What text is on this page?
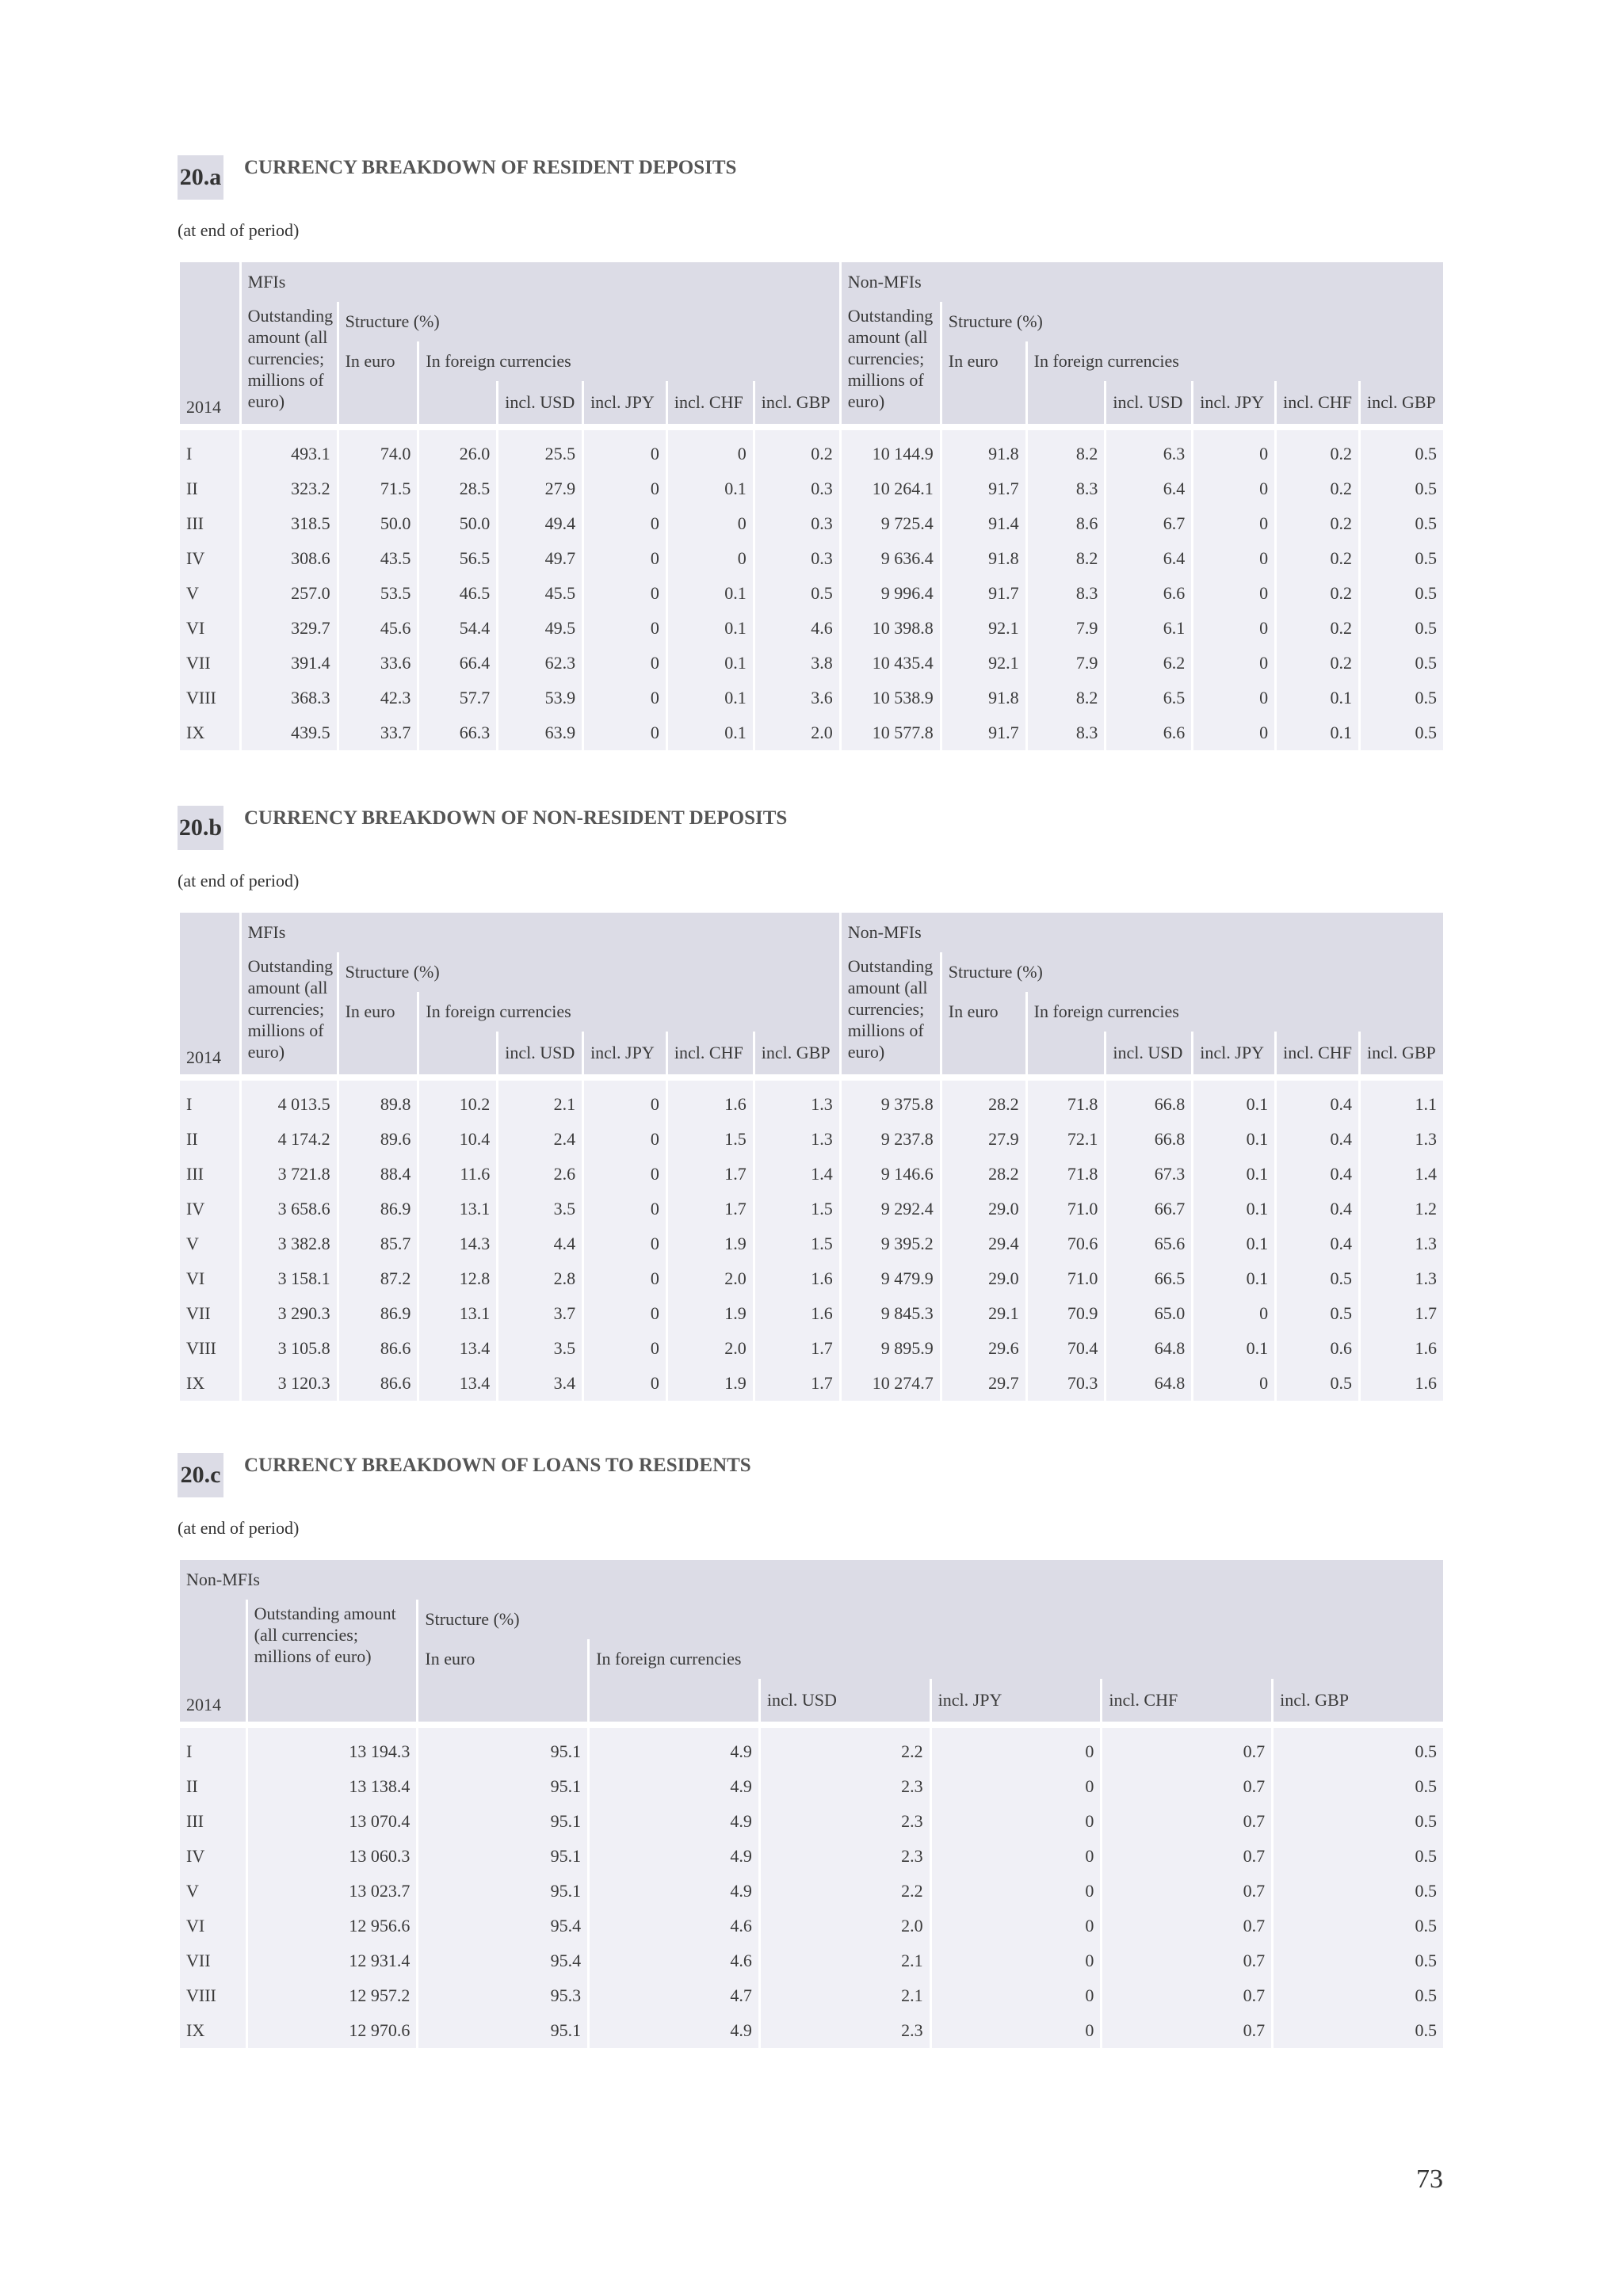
20.a CURRENCY BREAKDOWN OF RESIDENT DEPOSITS
(at end of period)
2014	MFIs							Non-MFIs						
	Outstanding amount (all currencies; millions of euro)	Structure (%)						Outstanding amount (all currencies; millions of euro)	Structure (%)					
		In euro	In foreign currencies						In euro	In foreign currencies				
				incl. USD	incl. JPY	incl. CHF	incl. GBP				incl. USD	incl. JPY	incl. CHF	incl. GBP

I	493.1	74.0	26.0	25.5	0	0	0.2	10 144.9	91.8	8.2	6.3	0	0.2	0.5
II	323.2	71.5	28.5	27.9	0	0.1	0.3	10 264.1	91.7	8.3	6.4	0	0.2	0.5
III	318.5	50.0	50.0	49.4	0	0	0.3	9 725.4	91.4	8.6	6.7	0	0.2	0.5
IV	308.6	43.5	56.5	49.7	0	0	0.3	9 636.4	91.8	8.2	6.4	0	0.2	0.5
V	257.0	53.5	46.5	45.5	0	0.1	0.5	9 996.4	91.7	8.3	6.6	0	0.2	0.5
VI	329.7	45.6	54.4	49.5	0	0.1	4.6	10 398.8	92.1	7.9	6.1	0	0.2	0.5
VII	391.4	33.6	66.4	62.3	0	0.1	3.8	10 435.4	92.1	7.9	6.2	0	0.2	0.5
VIII	368.3	42.3	57.7	53.9	0	0.1	3.6	10 538.9	91.8	8.2	6.5	0	0.1	0.5
IX	439.5	33.7	66.3	63.9	0	0.1	2.0	10 577.8	91.7	8.3	6.6	0	0.1	0.5
20.b CURRENCY BREAKDOWN OF NON-RESIDENT DEPOSITS
(at end of period)
2014	MFIs							Non-MFIs						
	Outstanding amount (all currencies; millions of euro)	Structure (%)						Outstanding amount (all currencies; millions of euro)	Structure (%)					
		In euro	In foreign currencies						In euro	In foreign currencies				
				incl. USD	incl. JPY	incl. CHF	incl. GBP				incl. USD	incl. JPY	incl. CHF	incl. GBP

I	4 013.5	89.8	10.2	2.1	0	1.6	1.3	9 375.8	28.2	71.8	66.8	0.1	0.4	1.1
II	4 174.2	89.6	10.4	2.4	0	1.5	1.3	9 237.8	27.9	72.1	66.8	0.1	0.4	1.3
III	3 721.8	88.4	11.6	2.6	0	1.7	1.4	9 146.6	28.2	71.8	67.3	0.1	0.4	1.4
IV	3 658.6	86.9	13.1	3.5	0	1.7	1.5	9 292.4	29.0	71.0	66.7	0.1	0.4	1.2
V	3 382.8	85.7	14.3	4.4	0	1.9	1.5	9 395.2	29.4	70.6	65.6	0.1	0.4	1.3
VI	3 158.1	87.2	12.8	2.8	0	2.0	1.6	9 479.9	29.0	71.0	66.5	0.1	0.5	1.3
VII	3 290.3	86.9	13.1	3.7	0	1.9	1.6	9 845.3	29.1	70.9	65.0	0	0.5	1.7
VIII	3 105.8	86.6	13.4	3.5	0	2.0	1.7	9 895.9	29.6	70.4	64.8	0.1	0.6	1.6
IX	3 120.3	86.6	13.4	3.4	0	1.9	1.7	10 274.7	29.7	70.3	64.8	0	0.5	1.6
20.c CURRENCY BREAKDOWN OF LOANS TO RESIDENTS
(at end of period)
Non-MFIs							
2014	Outstanding amount (all currencies; millions of euro)	Structure (%)					
		In euro	In foreign currencies				
				incl. USD	incl. JPY	incl. CHF	incl. GBP

I	13 194.3	95.1	4.9	2.2	0	0.7	0.5
II	13 138.4	95.1	4.9	2.3	0	0.7	0.5
III	13 070.4	95.1	4.9	2.3	0	0.7	0.5
IV	13 060.3	95.1	4.9	2.3	0	0.7	0.5
V	13 023.7	95.1	4.9	2.2	0	0.7	0.5
VI	12 956.6	95.4	4.6	2.0	0	0.7	0.5
VII	12 931.4	95.4	4.6	2.1	0	0.7	0.5
VIII	12 957.2	95.3	4.7	2.1	0	0.7	0.5
IX	12 970.6	95.1	4.9	2.3	0	0.7	0.5
73
